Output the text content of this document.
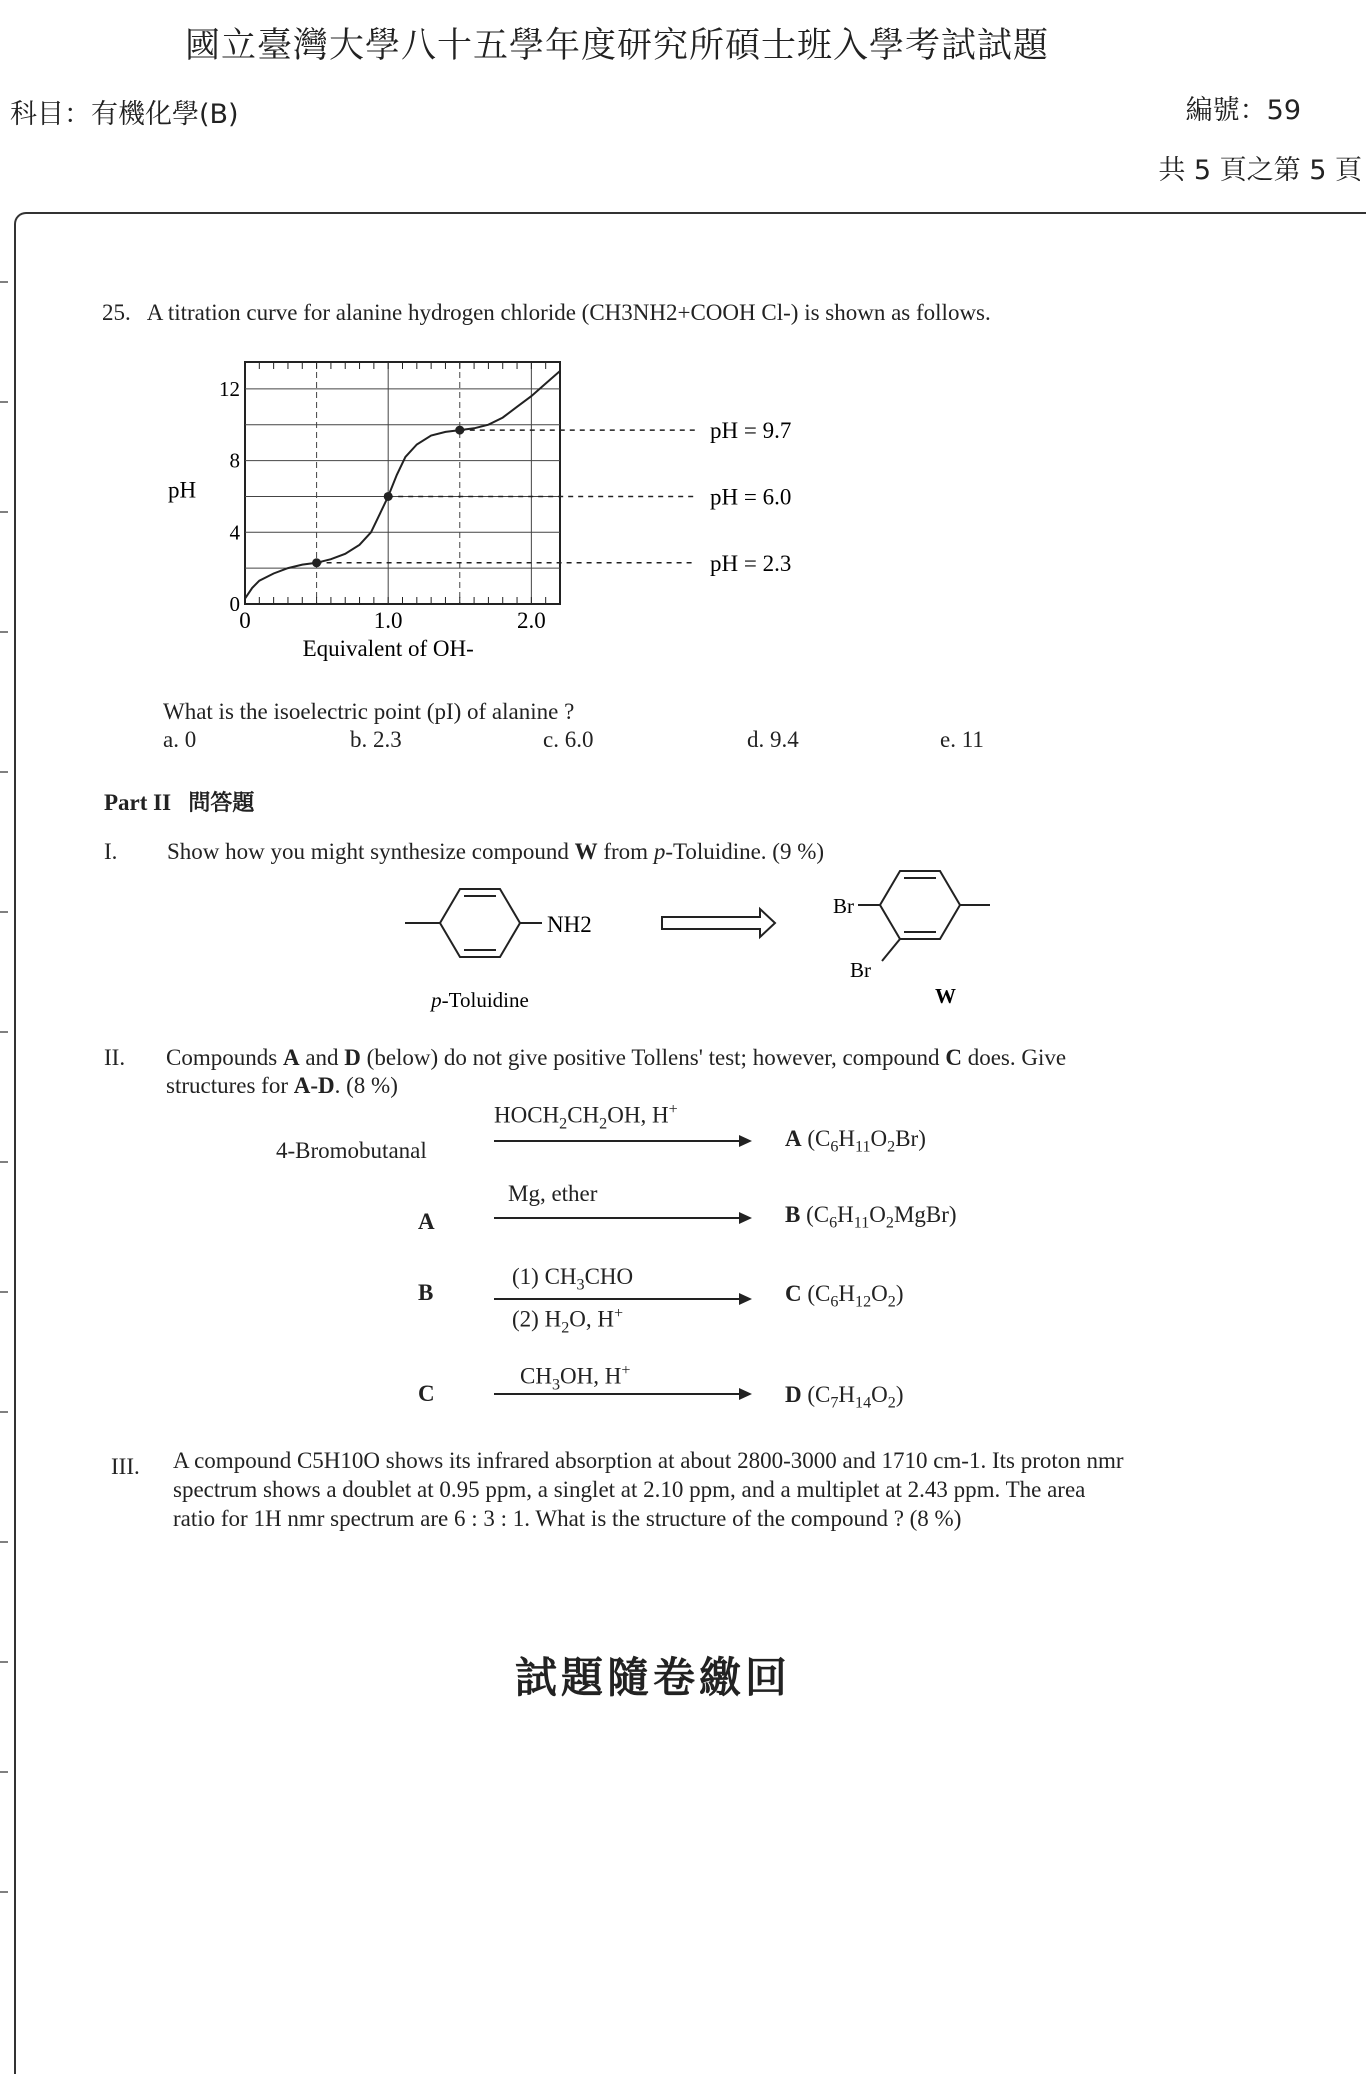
國立臺灣大學八十五學年度研究所碩士班入學考試試題
科目：有機化學(B)	編號：59
共 5 頁之第 5 頁
25. A titration curve for alanine hydrogen chloride (CH3NH2+COOH Cl-) is shown as follows.
0
4
8
12
0	1.0	2.0
pH
Equivalent of OH-
pH = 9.7
pH = 6.0
pH = 2.3
What is the isoelectric point (pI) of alanine ?
a. 0	b. 2.3	c. 6.0	d. 9.4	e. 11
Part II 問答題
I. Show how you might synthesize compound W from p-Toluidine. (9 %)
NH2
p-Toluidine
Br
Br
W
II. Compounds A and D (below) do not give positive Tollens' test; however, compound C does. Give
structures for A-D. (8 %)
4-Bromobutanal
$HOCH_2CH_2OH$, H+
A $(C_6H_{11}O_2Br)$
A
Mg, ether
B $(C_6H_{11}O_2MgBr)$
B
(1) $CH_3CHO$
(2) $H_2O$, H+
C $(C_6H_{12}O_2)$
C
$CH_3OH$, H+
D $(C_7H_{14}O_2)$
III. A compound C5H10O shows its infrared absorption at about 2800-3000 and 1710 cm-1. Its proton nmr
spectrum shows a doublet at 0.95 ppm, a singlet at 2.10 ppm, and a multiplet at 2.43 ppm. The area
ratio for 1H nmr spectrum are 6 : 3 : 1. What is the structure of the compound ? (8 %)
試題隨卷繳回
